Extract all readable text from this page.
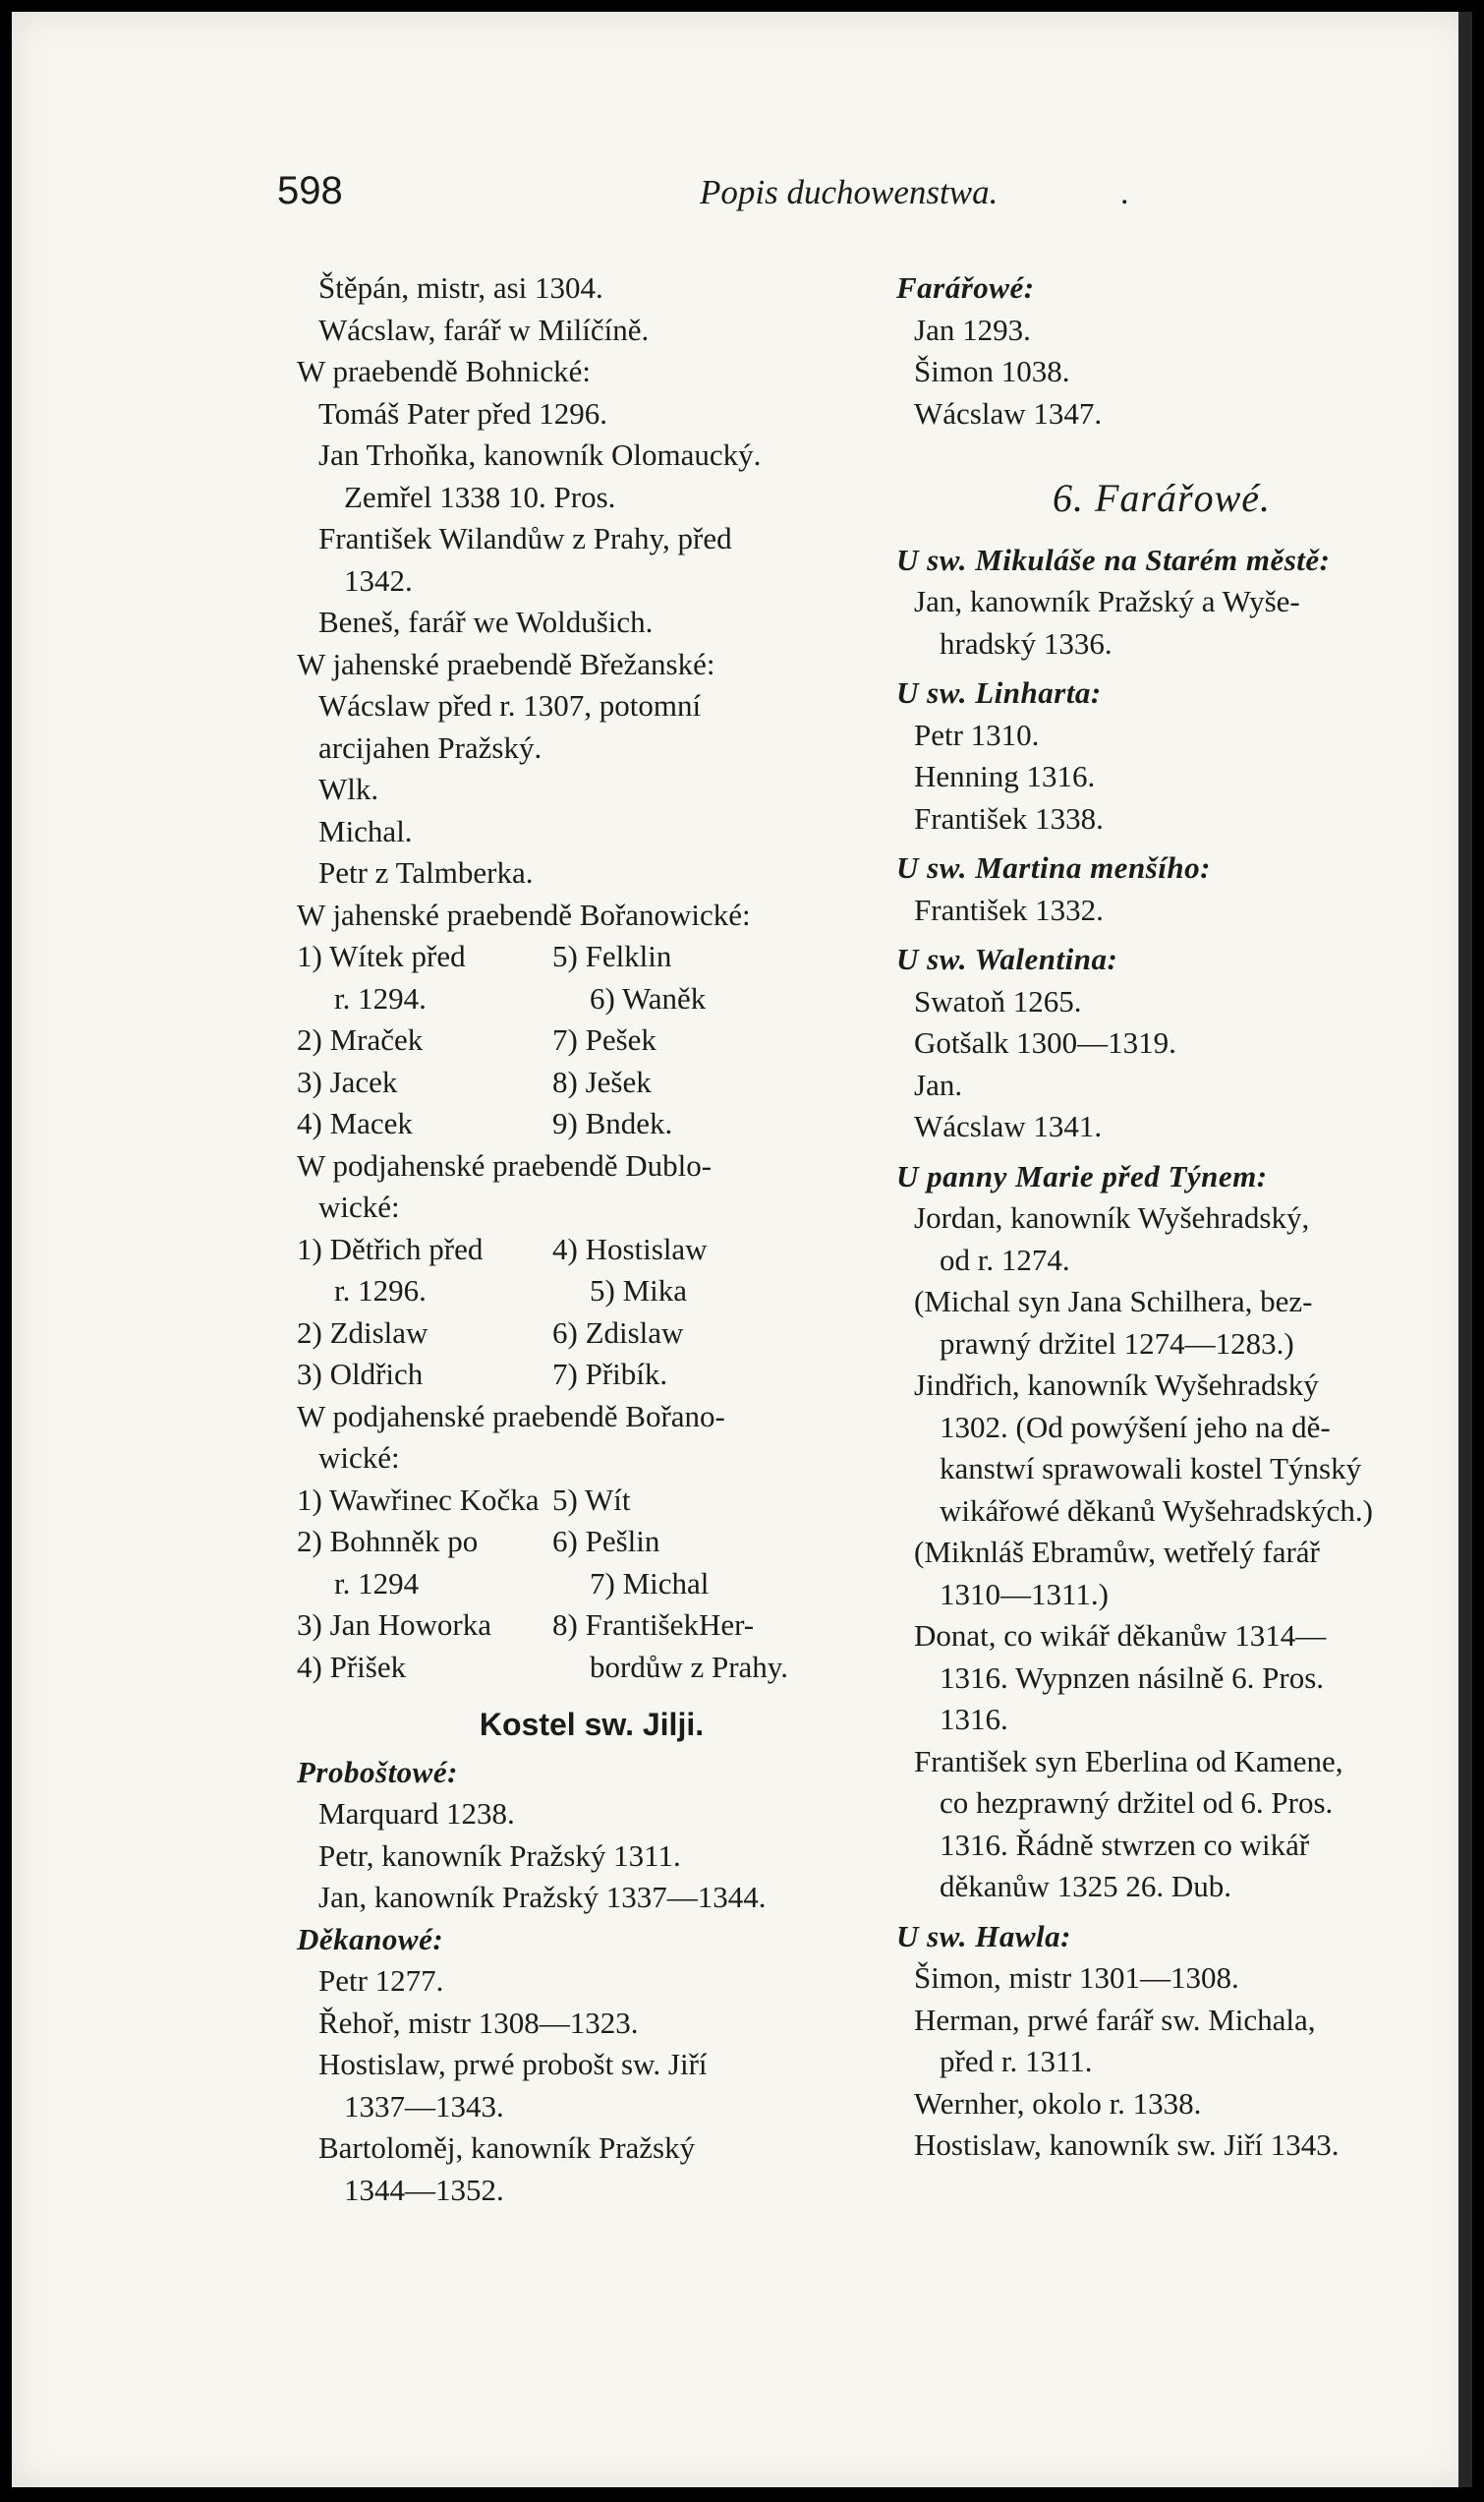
598	Popis duchowenstwa.	.
Štěpán, mistr, asi 1304.
Wácslaw, farář w Milíčíně.
W praebendě Bohnické:
Tomáš Pater před 1296.
Jan Trhoňka, kanowník Olomaucký.
Zemřel 1338 10. Pros.
František Wilandůw z Prahy, před
1342.
Beneš, farář we Woldušich.
W jahenské praebendě Břežanské:
Wácslaw před r. 1307, potomní
arcijahen Pražský.
Wlk.
Michal.
Petr z Talmberka.
W jahenské praebendě Bořanowické:
1) Wítek před	5) Felklin
r. 1294.	6) Waněk
2) Mraček	7) Pešek
3) Jacek	8) Ješek
4) Macek	9) Bndek.
W podjahenské praebendě Dublo-
wické:
1) Dětřich před	4) Hostislaw
r. 1296.	5) Mika
2) Zdislaw	6) Zdislaw
3) Oldřich	7) Přibík.
W podjahenské praebendě Bořano-
wické:
1) Wawřinec Kočka 5) Wít
2) Bohnněk po	6) Pešlin
r. 1294	7) Michal
3) Jan Howorka	8) FrantišekHer-
4) Přišek	bordůw z Prahy.
Kostel sw. Jilji.
Proboštowé:
Marquard 1238.
Petr, kanowník Pražský 1311.
Jan, kanowník Pražský 1337—1344.
Děkanowé:
Petr 1277.
Řehoř, mistr 1308—1323.
Hostislaw, prwé probošt sw. Jiří
1337—1343.
Bartoloměj, kanowník Pražský
1344—1352.
Farářowé:
Jan 1293.
Šimon 1038.
Wácslaw 1347.
6. Farářowé.
U sw. Mikuláše na Starém městě:
Jan, kanowník Pražský a Wyše-
hradský 1336.
U sw. Linharta:
Petr 1310.
Henning 1316.
František 1338.
U sw. Martina menšího:
František 1332.
U sw. Walentina:
Swatoň 1265.
Gotšalk 1300—1319.
Jan.
Wácslaw 1341.
U panny Marie před Týnem:
Jordan, kanowník Wyšehradský,
od r. 1274.
(Michal syn Jana Schilhera, bez-
prawný držitel 1274—1283.)
Jindřich, kanowník Wyšehradský
1302. (Od powýšení jeho na dě-
kanstwí sprawowali kostel Týnský
wikářowé děkanů Wyšehradských.)
(Miknláš Ebramůw, wetřelý farář
1310—1311.)
Donat, co wikář děkanůw 1314—
1316. Wypnzen násilně 6. Pros.
1316.
František syn Eberlina od Kamene,
co hezprawný držitel od 6. Pros.
1316. Řádně stwrzen co wikář
děkanůw 1325 26. Dub.
U sw. Hawla:
Šimon, mistr 1301—1308.
Herman, prwé farář sw. Michala,
před r. 1311.
Wernher, okolo r. 1338.
Hostislaw, kanowník sw. Jiří 1343.
